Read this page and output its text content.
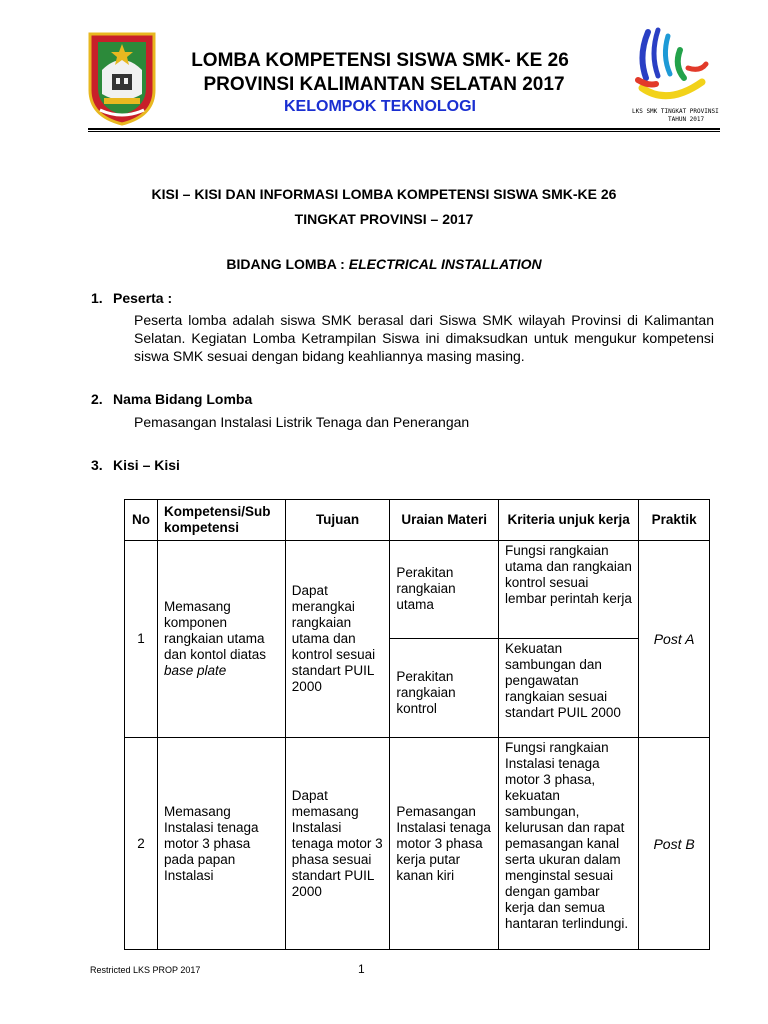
LOMBA KOMPETENSI SISWA SMK- KE 26
PROVINSI KALIMANTAN SELATAN 2017
KELOMPOK TEKNOLOGI	LKS SMK TINGKAT PROVINSI
TAHUN 2017
KISI – KISI DAN INFORMASI LOMBA KOMPETENSI SISWA SMK-KE 26
TINGKAT PROVINSI – 2017
BIDANG LOMBA : ELECTRICAL INSTALLATION
1. Peserta :
Peserta lomba adalah siswa SMK berasal dari Siswa SMK wilayah Provinsi di Kalimantan Selatan. Kegiatan Lomba Ketrampilan Siswa ini dimaksudkan untuk mengukur kompetensi siswa SMK sesuai dengan bidang keahliannya masing masing.
2. Nama Bidang Lomba
Pemasangan Instalasi Listrik Tenaga dan Penerangan
3. Kisi – Kisi
No	Kompetensi/Sub kompetensi	Tujuan	Uraian Materi	Kriteria unjuk kerja	Praktik
1	Memasang komponen rangkaian utama dan kontol diatas base plate	Dapat merangkai rangkaian utama dan kontrol sesuai standart PUIL 2000	Perakitan rangkaian utama	Fungsi rangkaian utama dan rangkaian kontrol sesuai lembar perintah kerja	Post A
			Perakitan rangkaian kontrol	Kekuatan sambungan dan pengawatan rangkaian sesuai standart PUIL 2000	
2	Memasang Instalasi tenaga motor 3 phasa pada papan Instalasi	Dapat memasang Instalasi tenaga motor 3 phasa sesuai standart PUIL 2000	Pemasangan Instalasi tenaga motor 3 phasa kerja putar kanan kiri	Fungsi rangkaian Instalasi tenaga motor 3 phasa, kekuatan sambungan, kelurusan dan rapat pemasangan kanal serta ukuran dalam menginstal sesuai dengan gambar kerja dan semua hantaran terlindungi.	Post B
Restricted LKS PROP 2017	1
